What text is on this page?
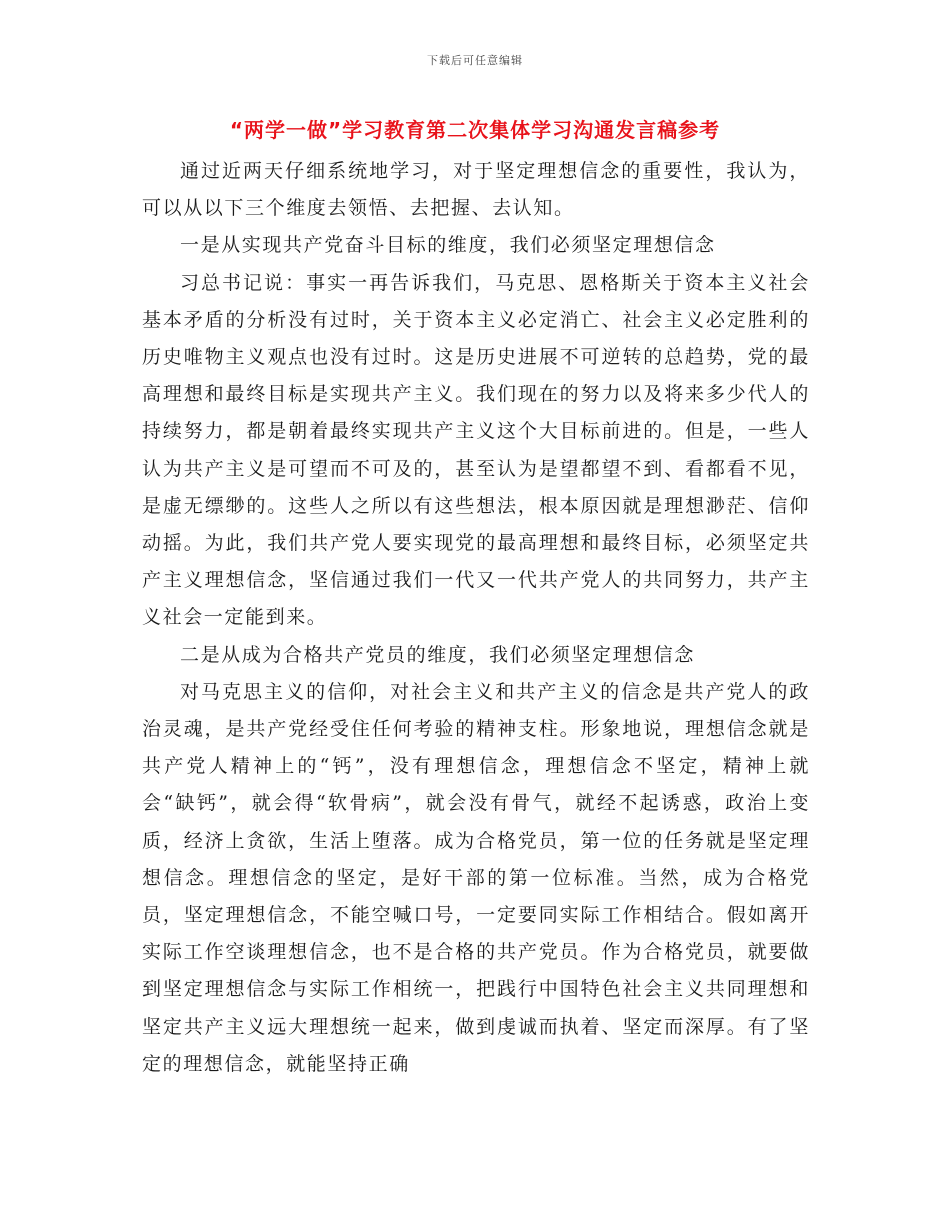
下载后可任意编辑
“两学一做”学习教育第二次集体学习沟通发言稿参考

通过近两天仔细系统地学习，对于坚定理想信念的重要性，我认为，可以从以下三个维度去领悟、去把握、去认知。

一是从实现共产党奋斗目标的维度，我们必须坚定理想信念

习总书记说：事实一再告诉我们，马克思、恩格斯关于资本主义社会基本矛盾的分析没有过时，关于资本主义必定消亡、社会主义必定胜利的历史唯物主义观点也没有过时。这是历史进展不可逆转的总趋势，党的最高理想和最终目标是实现共产主义。我们现在的努力以及将来多少代人的持续努力，都是朝着最终实现共产主义这个大目标前进的。但是，一些人认为共产主义是可望而不可及的，甚至认为是望都望不到、看都看不见，是虚无缥缈的。这些人之所以有这些想法，根本原因就是理想渺茫、信仰动摇。为此，我们共产党人要实现党的最高理想和最终目标，必须坚定共产主义理想信念，坚信通过我们一代又一代共产党人的共同努力，共产主义社会一定能到来。

二是从成为合格共产党员的维度，我们必须坚定理想信念

对马克思主义的信仰，对社会主义和共产主义的信念是共产党人的政治灵魂，是共产党经受住任何考验的精神支柱。形象地说，理想信念就是共产党人精神上的“钙”，没有理想信念，理想信念不坚定，精神上就会“缺钙”，就会得“软骨病”，就会没有骨气，就经不起诱惑，政治上变质，经济上贪欲，生活上堕落。成为合格党员，第一位的任务就是坚定理想信念。理想信念的坚定，是好干部的第一位标准。当然，成为合格党员，坚定理想信念，不能空喊口号，一定要同实际工作相结合。假如离开实际工作空谈理想信念，也不是合格的共产党员。作为合格党员，就要做到坚定理想信念与实际工作相统一，把践行中国特色社会主义共同理想和坚定共产主义远大理想统一起来，做到虔诚而执着、坚定而深厚。有了坚定的理想信念，就能坚持正确
